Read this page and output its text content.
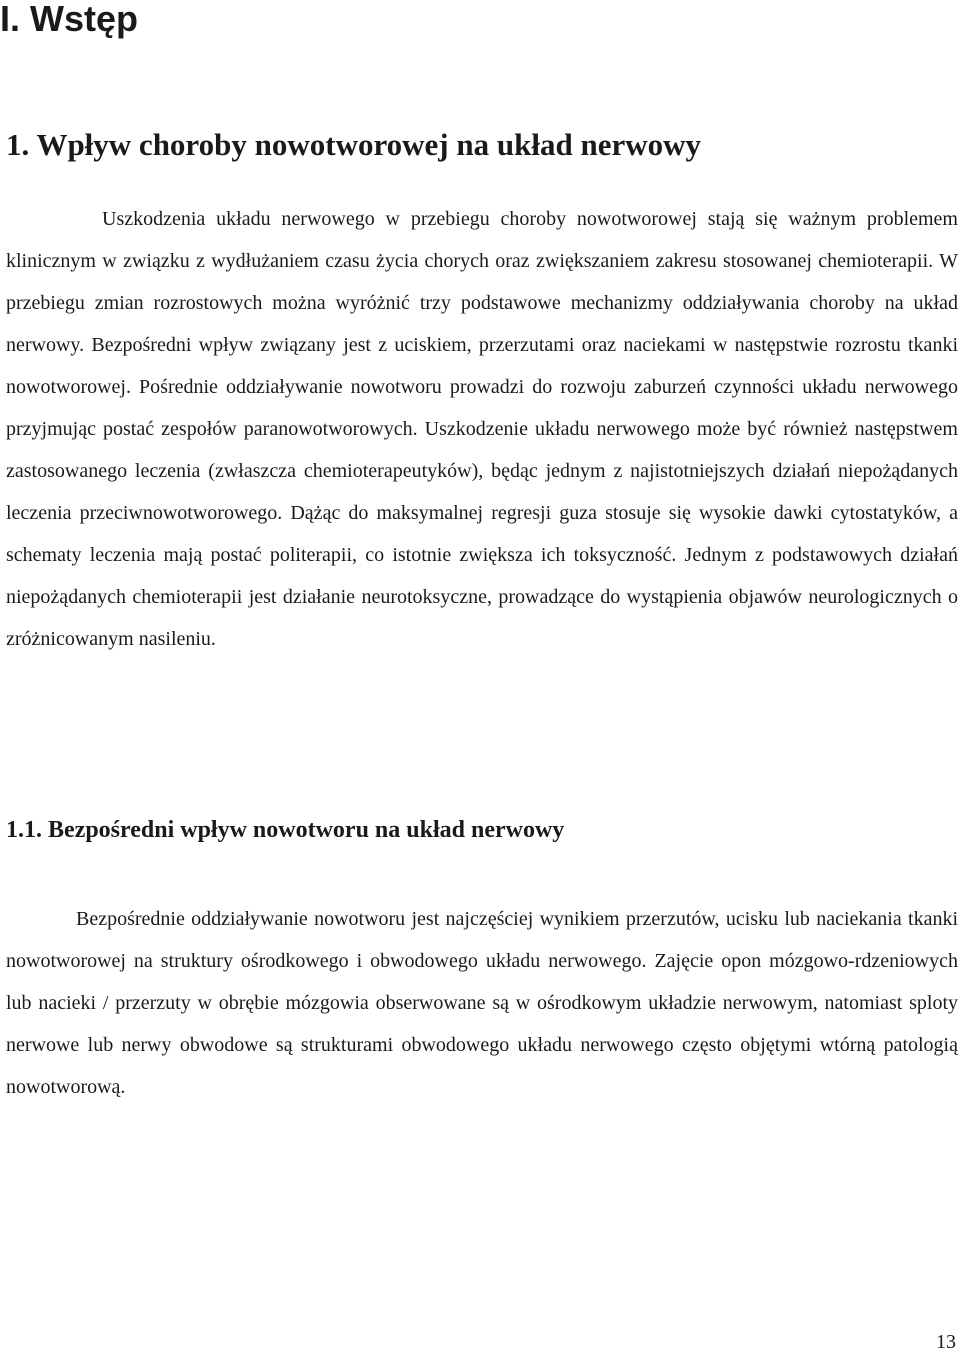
I. Wstęp
1. Wpływ choroby nowotworowej na układ nerwowy

Uszkodzenia układu nerwowego w przebiegu choroby nowotworowej stają się ważnym problemem klinicznym w związku z wydłużaniem czasu życia chorych oraz zwiększaniem zakresu stosowanej chemioterapii. W przebiegu zmian rozrostowych można wyróżnić trzy podstawowe mechanizmy oddziaływania choroby na układ nerwowy. Bezpośredni wpływ związany jest z uciskiem, przerzutami oraz naciekami w następstwie rozrostu tkanki nowotworowej. Pośrednie oddziaływanie nowotworu prowadzi do rozwoju zaburzeń czynności układu nerwowego przyjmując postać zespołów paranowotworowych. Uszkodzenie układu nerwowego może być również następstwem zastosowanego leczenia (zwłaszcza chemioterapeutyków), będąc jednym z najistotniejszych działań niepożądanych leczenia przeciwnowotworowego. Dążąc do maksymalnej regresji guza stosuje się wysokie dawki cytostatyków, a schematy leczenia mają postać politerapii, co istotnie zwiększa ich toksyczność. Jednym z podstawowych działań niepożądanych chemioterapii jest działanie neurotoksyczne, prowadzące do wystąpienia objawów neurologicznych o zróżnicowanym nasileniu.

1.1. Bezpośredni wpływ nowotworu na układ nerwowy

Bezpośrednie oddziaływanie nowotworu jest najczęściej wynikiem przerzutów, ucisku lub naciekania tkanki nowotworowej na struktury ośrodkowego i obwodowego układu nerwowego. Zajęcie opon mózgowo-rdzeniowych lub nacieki / przerzuty w obrębie mózgowia obserwowane są w ośrodkowym układzie nerwowym, natomiast sploty nerwowe lub nerwy obwodowe są strukturami obwodowego układu nerwowego często objętymi wtórną patologią nowotworową.

13
